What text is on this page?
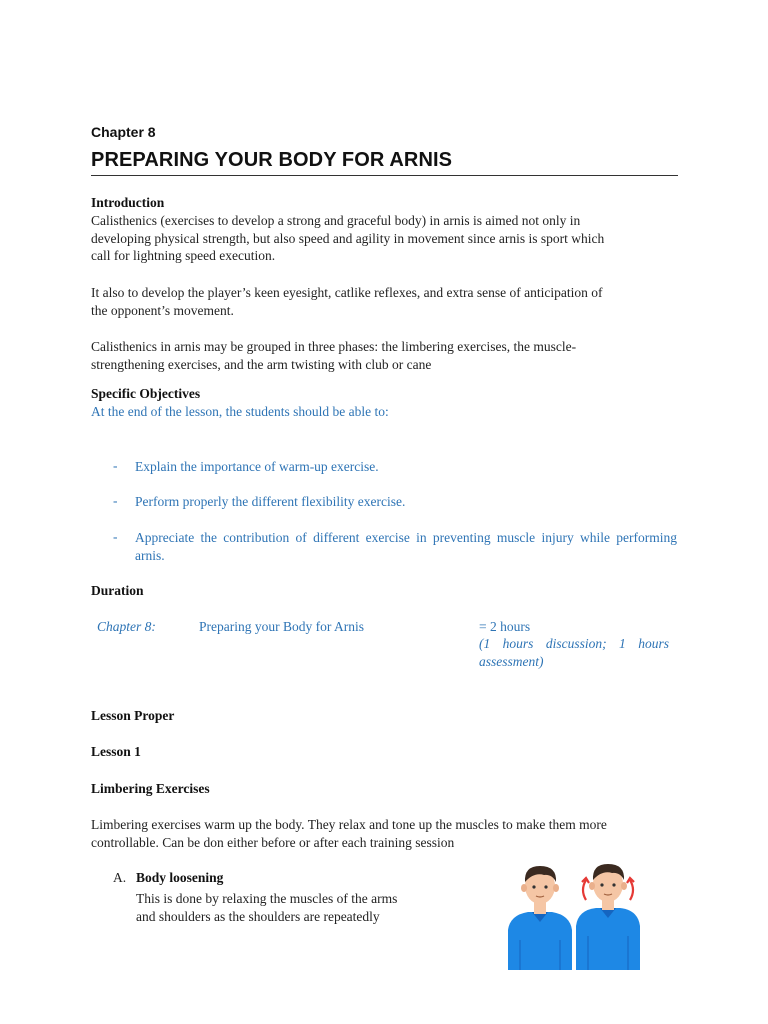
Chapter 8
PREPARING YOUR BODY FOR ARNIS
Introduction
Calisthenics (exercises to develop a strong and graceful body) in arnis is aimed not only in
developing physical strength, but also speed and agility in movement since arnis is sport which
call for lightning speed execution.
It also to develop the player’s keen eyesight, catlike reflexes, and extra sense of anticipation of
the opponent’s movement.
Calisthenics in arnis may be grouped in three phases: the limbering exercises, the muscle-
strengthening exercises, and the arm twisting with club or cane
Specific Objectives
At the end of the lesson, the students should be able to:
- Explain the importance of warm-up exercise.
- Perform properly the different flexibility exercise.
- Appreciate the contribution of different exercise in preventing muscle injury while performing arnis.
Duration
Chapter 8:	Preparing your Body for Arnis	= 2 hours
(1 hours discussion; 1 hours
assessment)
Lesson Proper
Lesson 1
Limbering Exercises
Limbering exercises warm up the body. They relax and tone up the muscles to make them more
controllable. Can be don either before or after each training session
A. Body loosening
This is done by relaxing the muscles of the arms
and shoulders as the shoulders are repeatedly
